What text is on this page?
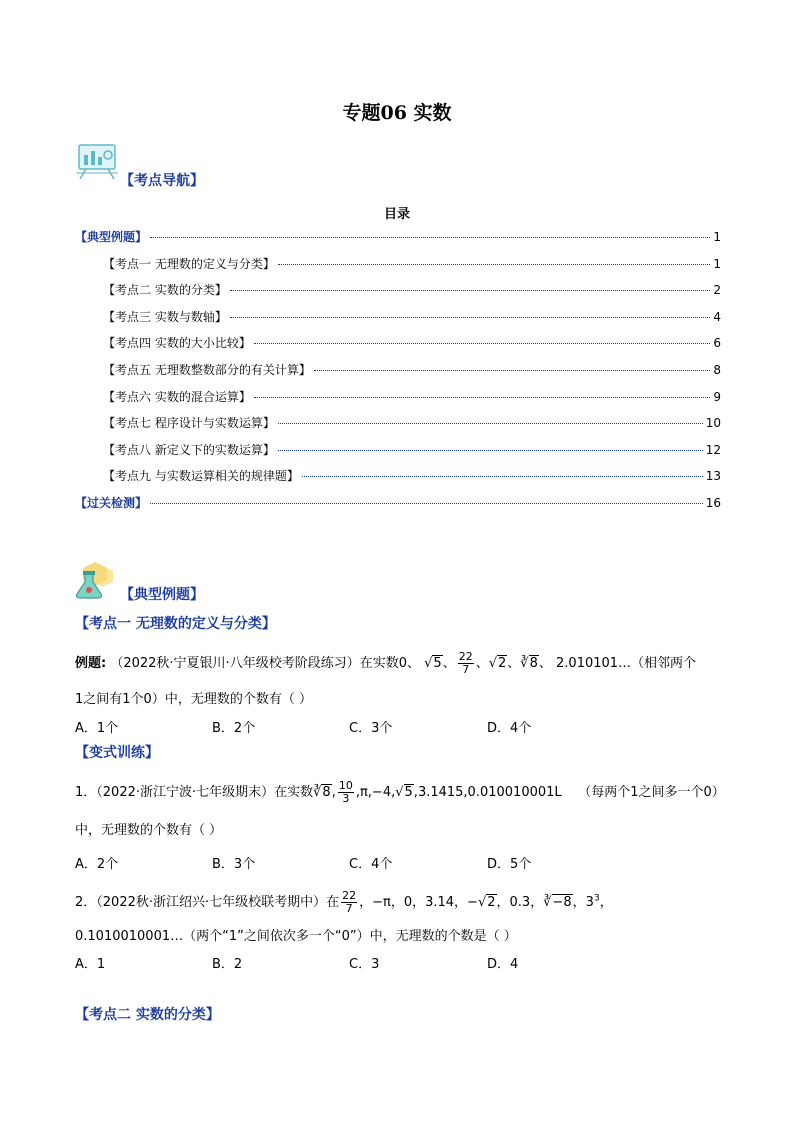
专题06 实数
【考点导航】
目录
【典型例题】	1
【考点一 无理数的定义与分类】	1
【考点二 实数的分类】	2
【考点三 实数与数轴】	4
【考点四 实数的大小比较】	6
【考点五 无理数整数部分的有关计算】	8
【考点六 实数的混合运算】	9
【考点七 程序设计与实数运算】	10
【考点八 新定义下的实数运算】	12
【考点九 与实数运算相关的规律题】	13
【过关检测】	16
【典型例题】
【考点一 无理数的定义与分类】
例题: （2022秋·宁夏银川·八年级校考阶段练习）在实数0、 √5、 $\frac{22}{7}$ 、√2、∛8、 2.010101…（相邻两个
1之间有1个0）中，无理数的个数有（ ）
A．1个	B．2个	C．3个	D．4个
【变式训练】
1．（2022·浙江宁波·七年级期末）在实数∛8, $\frac{10}{3} ,\pi,-4,√5,3.1415,0.010010001L$ （每两个1之间多一个0）
中，无理数的个数有（ ）
A．2个	B．3个	C．4个	D．5个
2．（2022秋·浙江绍兴·七年级校联考期中）在 $\frac{22}{7}$ ，−π，0，3.14，−√2，0.3，∛−8，$3^3$，
0.1010010001…（两个“1”之间依次多一个“0”）中，无理数的个数是（ ）
A．1	B．2	C．3	D．4
【考点二 实数的分类】
